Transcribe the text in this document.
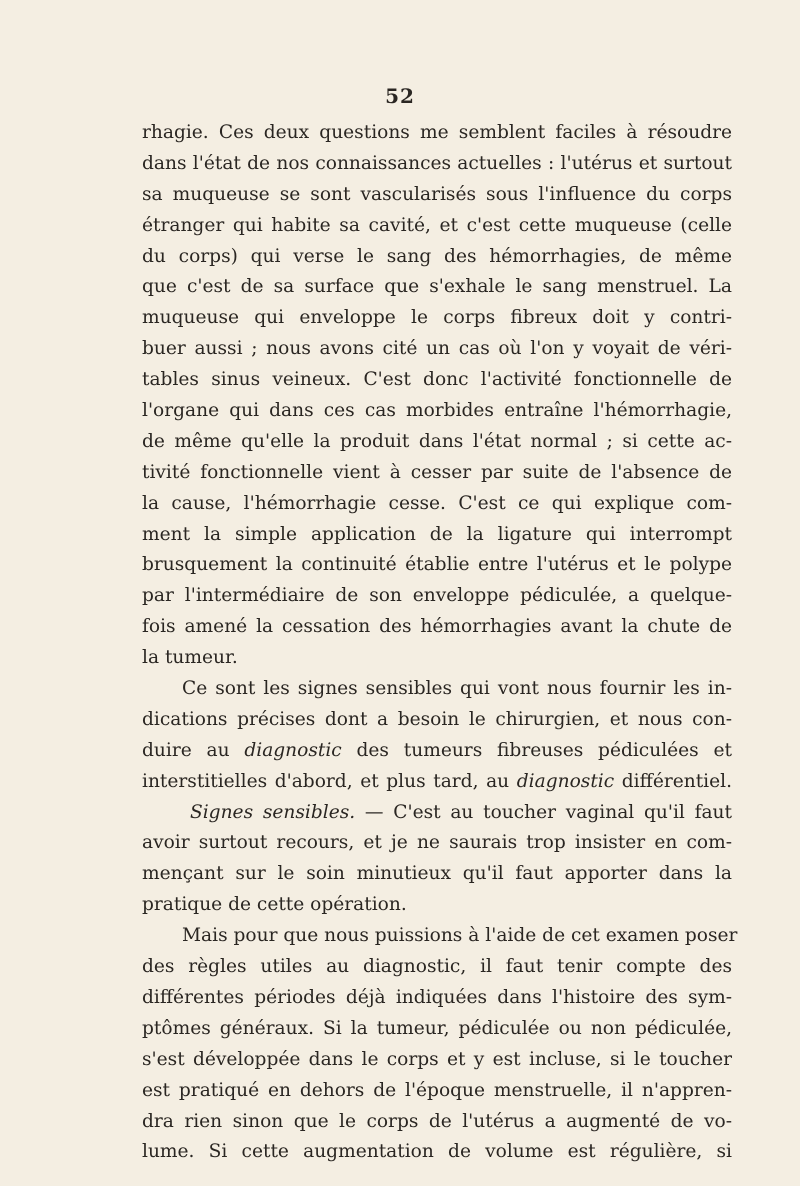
52
rhagie. Ces deux questions me semblent faciles à résoudre
dans l'état de nos connaissances actuelles : l'utérus et surtout
sa muqueuse se sont vascularisés sous l'influence du corps
étranger qui habite sa cavité, et c'est cette muqueuse (celle
du corps) qui verse le sang des hémorrhagies, de même
que c'est de sa surface que s'exhale le sang menstruel. La
muqueuse qui enveloppe le corps fibreux doit y contri-
buer aussi ; nous avons cité un cas où l'on y voyait de véri-
tables sinus veineux. C'est donc l'activité fonctionnelle de
l'organe qui dans ces cas morbides entraîne l'hémorrhagie,
de même qu'elle la produit dans l'état normal ; si cette ac-
tivité fonctionnelle vient à cesser par suite de l'absence de
la cause, l'hémorrhagie cesse. C'est ce qui explique com-
ment la simple application de la ligature qui interrompt
brusquement la continuité établie entre l'utérus et le polype
par l'intermédiaire de son enveloppe pédiculée, a quelque-
fois amené la cessation des hémorrhagies avant la chute de
la tumeur.
Ce sont les signes sensibles qui vont nous fournir les in-
dications précises dont a besoin le chirurgien, et nous con-
duire au diagnostic des tumeurs fibreuses pédiculées et
interstitielles d'abord, et plus tard, au diagnostic différentiel.
Signes sensibles. — C'est au toucher vaginal qu'il faut
avoir surtout recours, et je ne saurais trop insister en com-
mençant sur le soin minutieux qu'il faut apporter dans la
pratique de cette opération.
Mais pour que nous puissions à l'aide de cet examen poser
des règles utiles au diagnostic, il faut tenir compte des
différentes périodes déjà indiquées dans l'histoire des sym-
ptômes généraux. Si la tumeur, pédiculée ou non pédiculée,
s'est développée dans le corps et y est incluse, si le toucher
est pratiqué en dehors de l'époque menstruelle, il n'appren-
dra rien sinon que le corps de l'utérus a augmenté de vo-
lume. Si cette augmentation de volume est régulière, si
